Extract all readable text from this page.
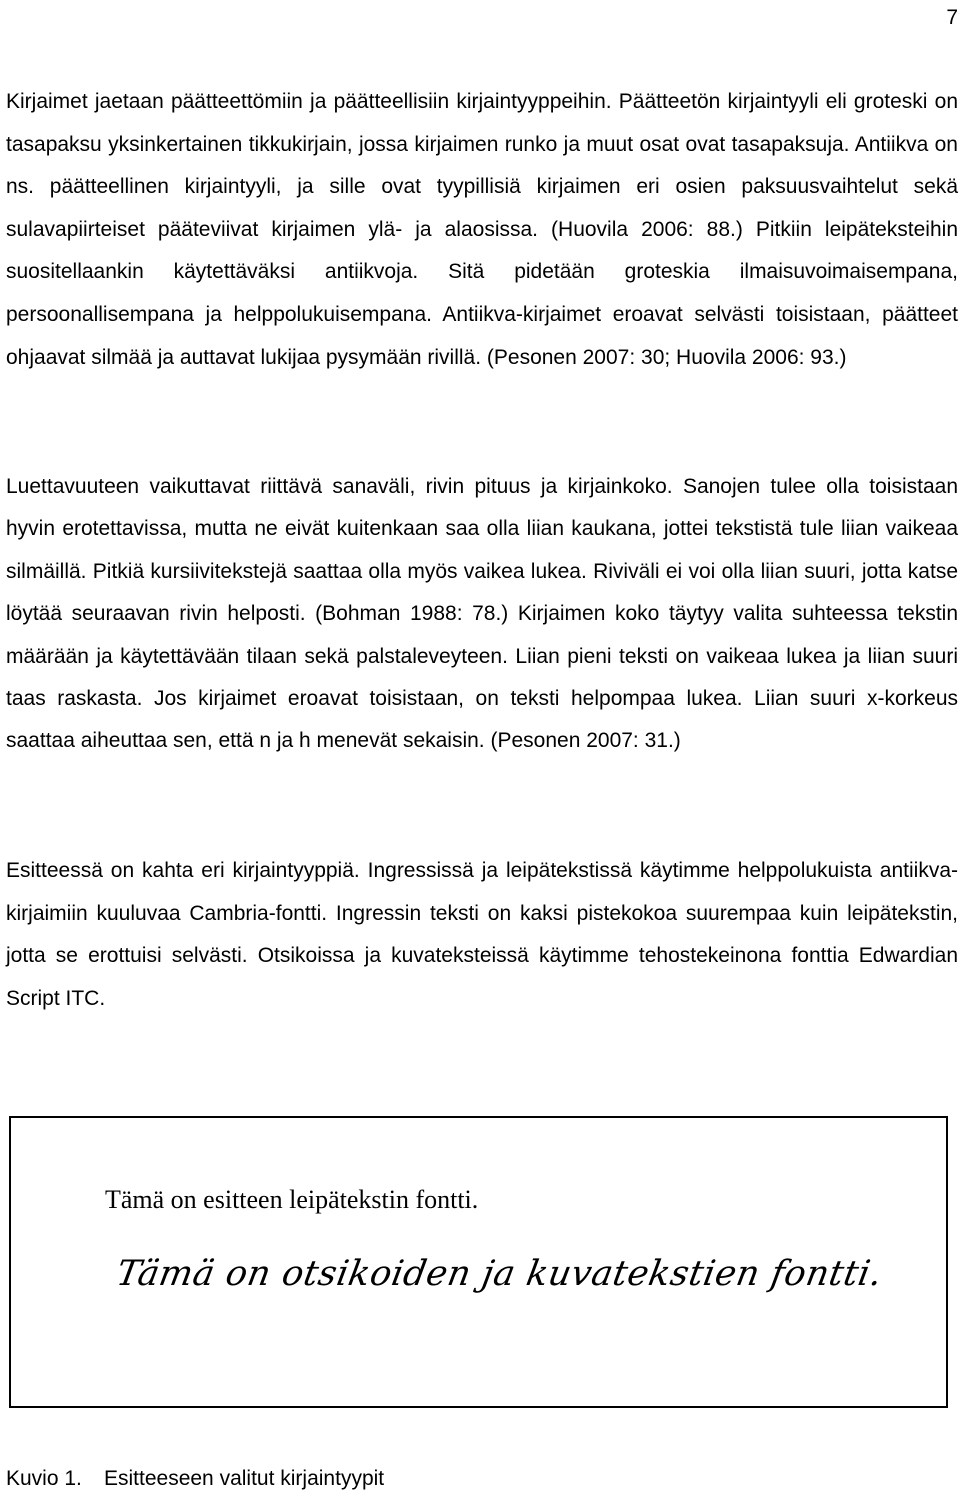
7

Kirjaimet jaetaan päätteettömiin ja päätteellisiin kirjaintyyppeihin. Päätteetön kirjaintyyli eli groteski on tasapaksu yksinkertainen tikkukirjain, jossa kirjaimen runko ja muut osat ovat tasapaksuja. Antiikva on ns. päätteellinen kirjaintyyli, ja sille ovat tyypillisiä kirjaimen eri osien paksuusvaihtelut sekä sulavapiirteiset pääteviivat kirjaimen ylä- ja alaosissa. (Huovila 2006: 88.) Pitkiin leipäteksteihin suositellaankin käytettäväksi antiikvoja. Sitä pidetään groteskia ilmaisuvoimaisempana, persoonallisempana ja helppolukuisempana. Antiikva-kirjaimet eroavat selvästi toisistaan, päätteet ohjaavat silmää ja auttavat lukijaa pysymään rivillä. (Pesonen 2007: 30; Huovila 2006: 93.)

Luettavuuteen vaikuttavat riittävä sanaväli, rivin pituus ja kirjainkoko. Sanojen tulee olla toisistaan hyvin erotettavissa, mutta ne eivät kuitenkaan saa olla liian kaukana, jottei tekstistä tule liian vaikeaa silmäillä. Pitkiä kursiivitekstejä saattaa olla myös vaikea lukea. Riviväli ei voi olla liian suuri, jotta katse löytää seuraavan rivin helposti. (Bohman 1988: 78.) Kirjaimen koko täytyy valita suhteessa tekstin määrään ja käytettävään tilaan sekä palstaleveyteen. Liian pieni teksti on vaikeaa lukea ja liian suuri taas raskasta. Jos kirjaimet eroavat toisistaan, on teksti helpompaa lukea. Liian suuri x-korkeus saattaa aiheuttaa sen, että n ja h menevät sekaisin. (Pesonen 2007: 31.)

Esitteessä on kahta eri kirjaintyyppiä. Ingressissä ja leipätekstissä käytimme helppolukuista antiikva-kirjaimiin kuuluvaa Cambria-fontti. Ingressin teksti on kaksi pistekokoa suurempaa kuin leipätekstin, jotta se erottuisi selvästi. Otsikoissa ja kuvateksteissä käytimme tehostekeinona fonttia Edwardian Script ITC.

Tämä on esitteen leipätekstin fontti.
Tämä on otsikoiden ja kuvatekstien fontti.
Kuvio 1. Esitteeseen valitut kirjaintyypit
